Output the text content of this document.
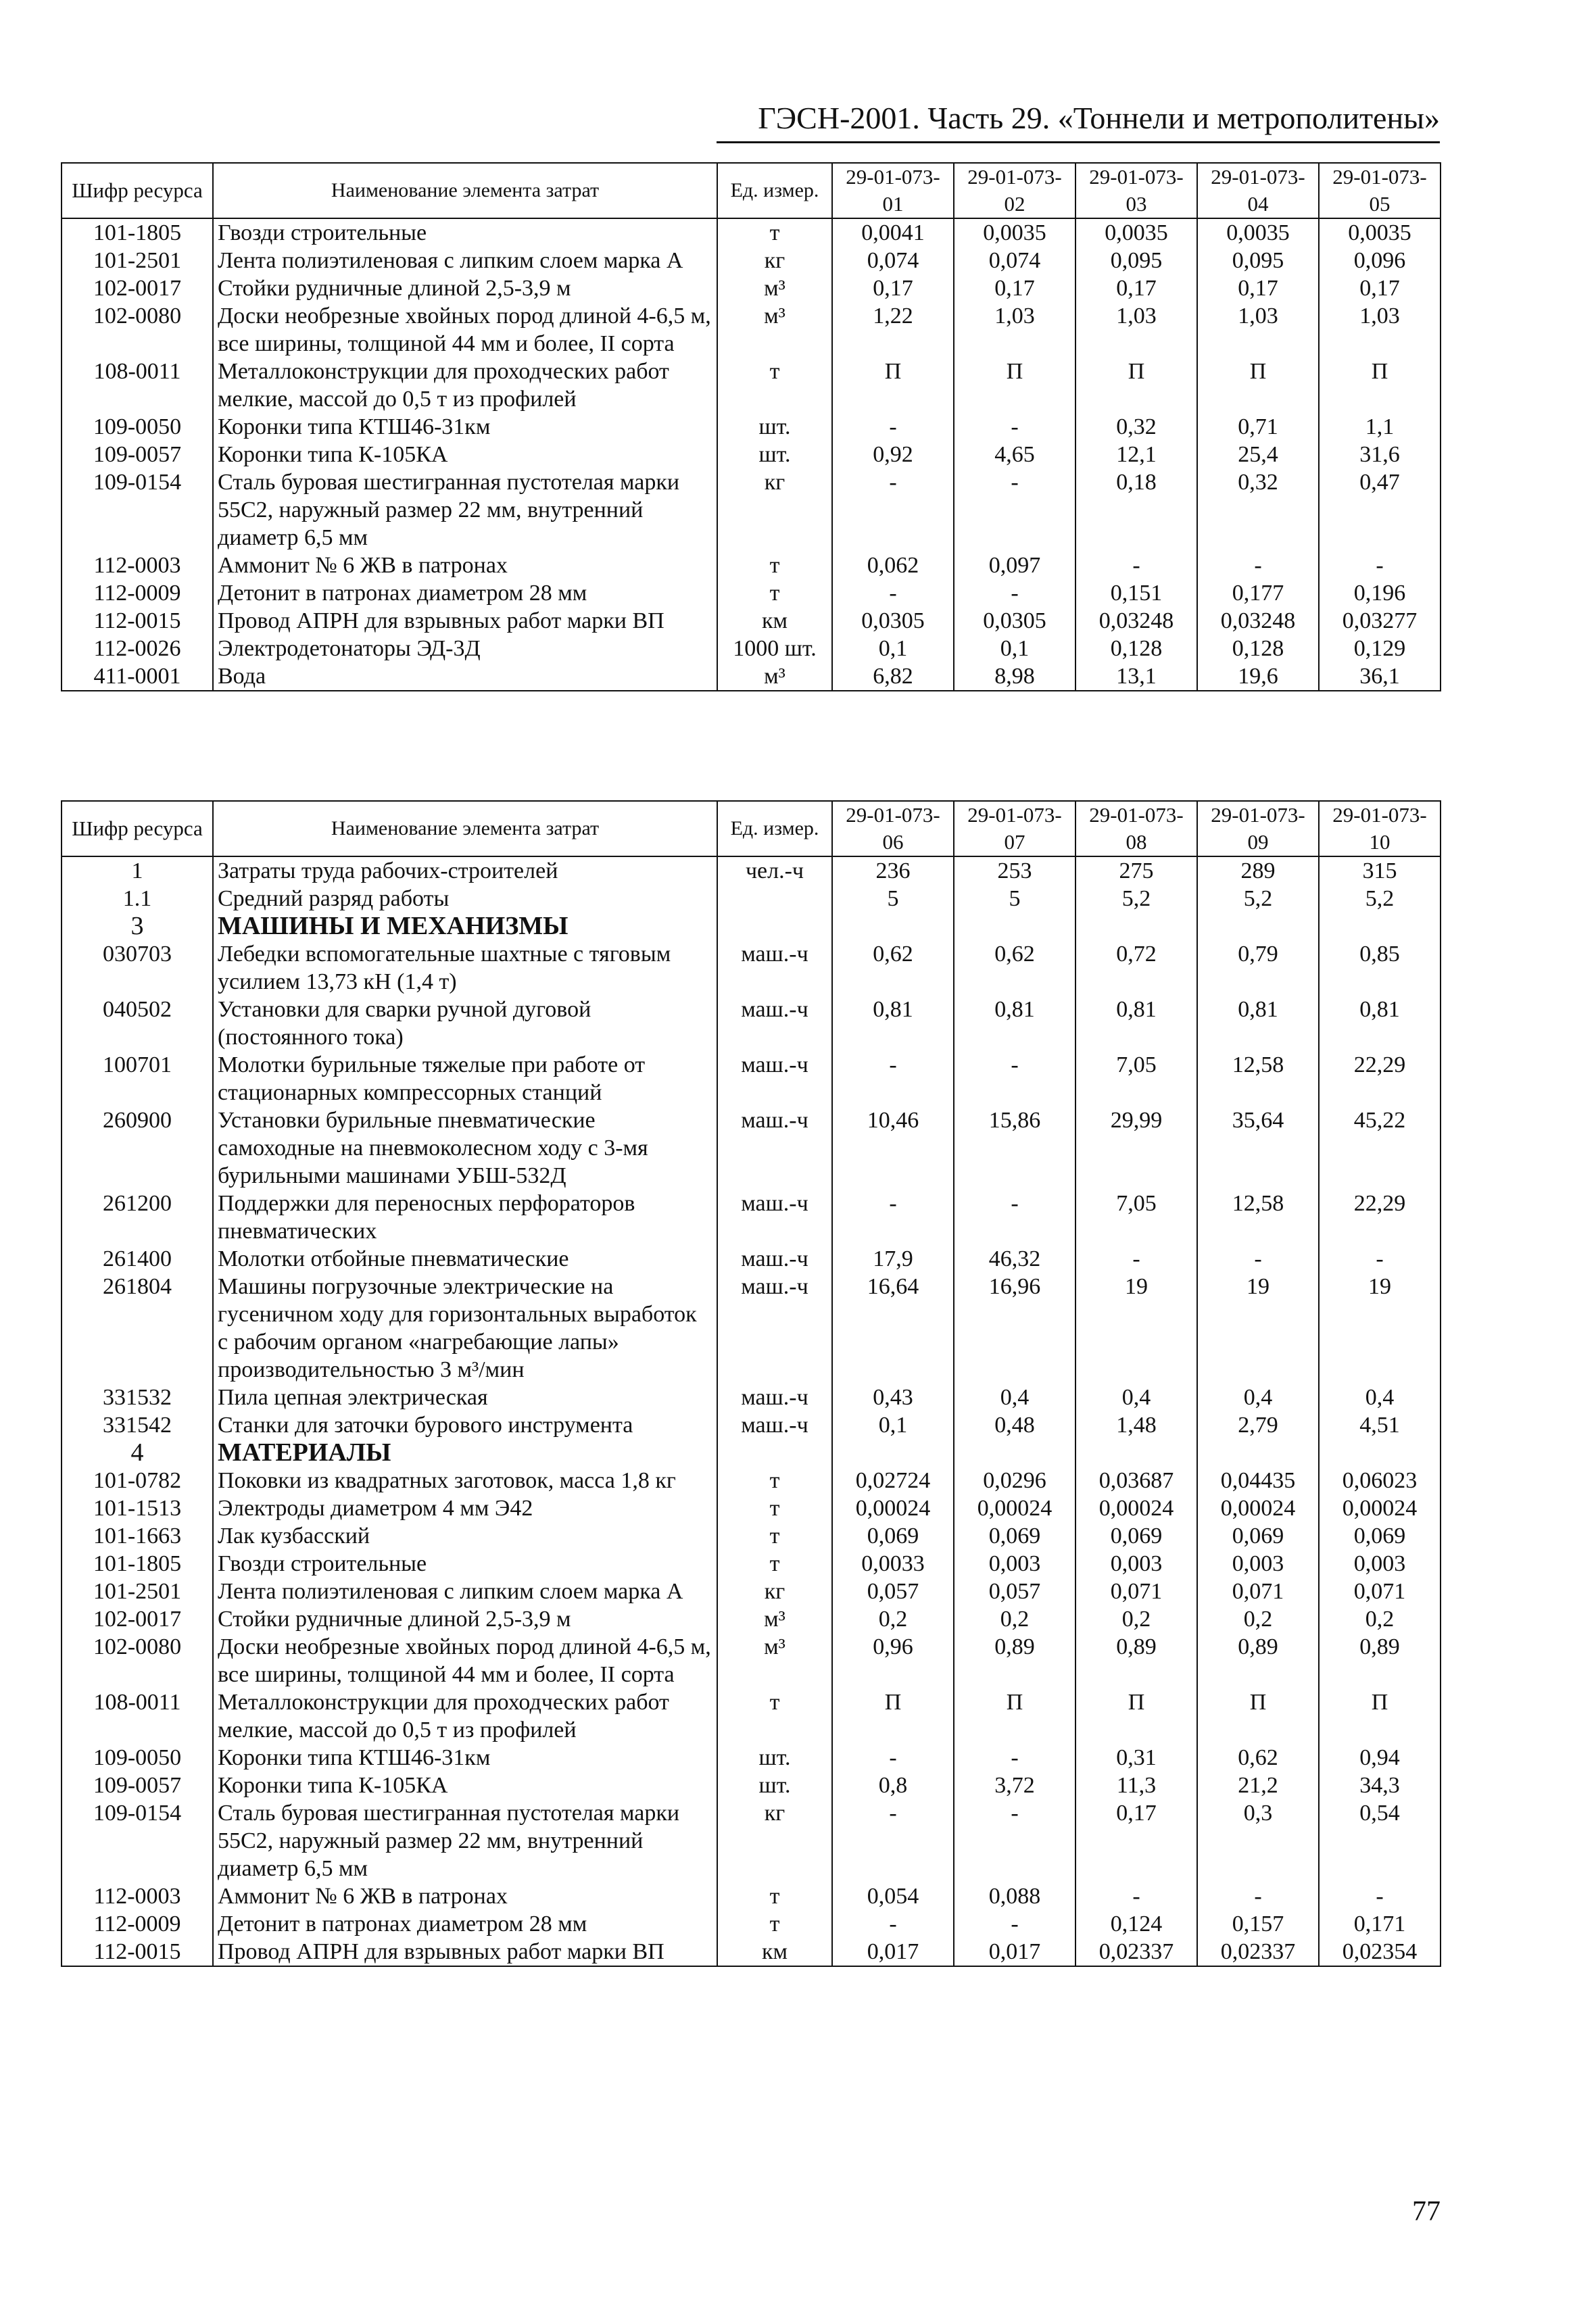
ГЭСН-2001. Часть 29. «Тоннели и метрополитены»
Шифр ресурса	Наименование элемента затрат	Ед. измер.	29-01-073-01	29-01-073-02	29-01-073-03	29-01-073-04	29-01-073-05
101-1805	Гвозди строительные	т	0,0041	0,0035	0,0035	0,0035	0,0035
101-2501	Лента полиэтиленовая с липким слоем марка А	кг	0,074	0,074	0,095	0,095	0,096
102-0017	Стойки рудничные длиной 2,5-3,9 м	м³	0,17	0,17	0,17	0,17	0,17
102-0080	Доски необрезные хвойных пород длиной 4-6,5 м, все ширины, толщиной 44 мм и более, II сорта	м³	1,22	1,03	1,03	1,03	1,03
108-0011	Металлоконструкции для проходческих работ мелкие, массой до 0,5 т из профилей	т	П	П	П	П	П
109-0050	Коронки типа КТШ46-31км	шт.	-	-	0,32	0,71	1,1
109-0057	Коронки типа К-105КА	шт.	0,92	4,65	12,1	25,4	31,6
109-0154	Сталь буровая шестигранная пустотелая марки 55С2, наружный размер 22 мм, внутренний диаметр 6,5 мм	кг	-	-	0,18	0,32	0,47
112-0003	Аммонит № 6 ЖВ в патронах	т	0,062	0,097	-	-	-
112-0009	Детонит в патронах диаметром 28 мм	т	-	-	0,151	0,177	0,196
112-0015	Провод АПРН для взрывных работ марки ВП	км	0,0305	0,0305	0,03248	0,03248	0,03277
112-0026	Электродетонаторы ЭД-3Д	1000 шт.	0,1	0,1	0,128	0,128	0,129
411-0001	Вода	м³	6,82	8,98	13,1	19,6	36,1
Шифр ресурса	Наименование элемента затрат	Ед. измер.	29-01-073-06	29-01-073-07	29-01-073-08	29-01-073-09	29-01-073-10
1	Затраты труда рабочих-строителей	чел.-ч	236	253	275	289	315
1.1	Средний разряд работы		5	5	5,2	5,2	5,2
3	МАШИНЫ И МЕХАНИЗМЫ						
030703	Лебедки вспомогательные шахтные с тяговым усилием 13,73 кН (1,4 т)	маш.-ч	0,62	0,62	0,72	0,79	0,85
040502	Установки для сварки ручной дуговой (постоянного тока)	маш.-ч	0,81	0,81	0,81	0,81	0,81
100701	Молотки бурильные тяжелые при работе от стационарных компрессорных станций	маш.-ч	-	-	7,05	12,58	22,29
260900	Установки бурильные пневматические самоходные на пневмоколесном ходу с 3-мя бурильными машинами УБШ-532Д	маш.-ч	10,46	15,86	29,99	35,64	45,22
261200	Поддержки для переносных перфораторов пневматических	маш.-ч	-	-	7,05	12,58	22,29
261400	Молотки отбойные пневматические	маш.-ч	17,9	46,32	-	-	-
261804	Машины погрузочные электрические на гусеничном ходу для горизонтальных выработок с рабочим органом «нагребающие лапы» производительностью 3 м³/мин	маш.-ч	16,64	16,96	19	19	19
331532	Пила цепная электрическая	маш.-ч	0,43	0,4	0,4	0,4	0,4
331542	Станки для заточки бурового инструмента	маш.-ч	0,1	0,48	1,48	2,79	4,51
4	МАТЕРИАЛЫ						
101-0782	Поковки из квадратных заготовок, масса 1,8 кг	т	0,02724	0,0296	0,03687	0,04435	0,06023
101-1513	Электроды диаметром 4 мм Э42	т	0,00024	0,00024	0,00024	0,00024	0,00024
101-1663	Лак кузбасский	т	0,069	0,069	0,069	0,069	0,069
101-1805	Гвозди строительные	т	0,0033	0,003	0,003	0,003	0,003
101-2501	Лента полиэтиленовая с липким слоем марка А	кг	0,057	0,057	0,071	0,071	0,071
102-0017	Стойки рудничные длиной 2,5-3,9 м	м³	0,2	0,2	0,2	0,2	0,2
102-0080	Доски необрезные хвойных пород длиной 4-6,5 м, все ширины, толщиной 44 мм и более, II сорта	м³	0,96	0,89	0,89	0,89	0,89
108-0011	Металлоконструкции для проходческих работ мелкие, массой до 0,5 т из профилей	т	П	П	П	П	П
109-0050	Коронки типа КТШ46-31км	шт.	-	-	0,31	0,62	0,94
109-0057	Коронки типа К-105КА	шт.	0,8	3,72	11,3	21,2	34,3
109-0154	Сталь буровая шестигранная пустотелая марки 55С2, наружный размер 22 мм, внутренний диаметр 6,5 мм	кг	-	-	0,17	0,3	0,54
112-0003	Аммонит № 6 ЖВ в патронах	т	0,054	0,088	-	-	-
112-0009	Детонит в патронах диаметром 28 мм	т	-	-	0,124	0,157	0,171
112-0015	Провод АПРН для взрывных работ марки ВП	км	0,017	0,017	0,02337	0,02337	0,02354
77
